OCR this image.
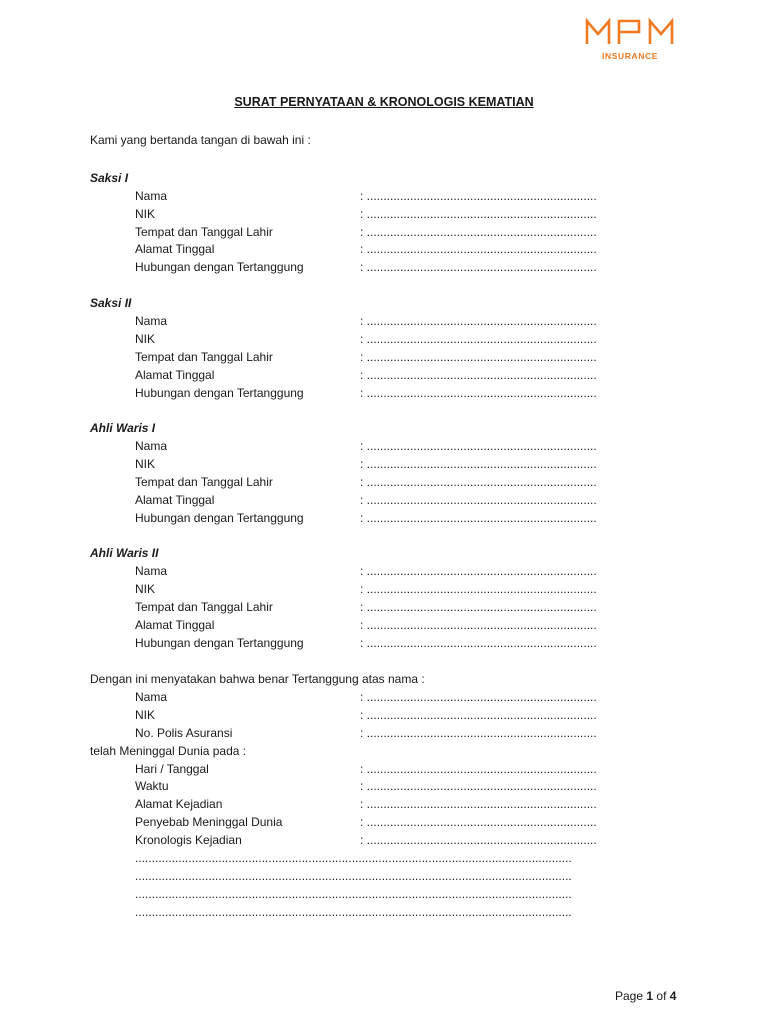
INSURANCE
SURAT PERNYATAAN & KRONOLOGIS KEMATIAN
Kami yang bertanda tangan di bawah ini :
Saksi I
Nama	: .....................................................................
NIK	: .....................................................................
Tempat dan Tanggal Lahir	: .....................................................................
Alamat Tinggal	: .....................................................................
Hubungan dengan Tertanggung	: .....................................................................
Saksi II
Nama	: .....................................................................
NIK	: .....................................................................
Tempat dan Tanggal Lahir	: .....................................................................
Alamat Tinggal	: .....................................................................
Hubungan dengan Tertanggung	: .....................................................................
Ahli Waris I
Nama	: .....................................................................
NIK	: .....................................................................
Tempat dan Tanggal Lahir	: .....................................................................
Alamat Tinggal	: .....................................................................
Hubungan dengan Tertanggung	: .....................................................................
Ahli Waris II
Nama	: .....................................................................
NIK	: .....................................................................
Tempat dan Tanggal Lahir	: .....................................................................
Alamat Tinggal	: .....................................................................
Hubungan dengan Tertanggung	: .....................................................................
Dengan ini menyatakan bahwa benar Tertanggung atas nama :
Nama	: .....................................................................
NIK	: .....................................................................
No. Polis Asuransi	: .....................................................................
telah Meninggal Dunia pada :
Hari / Tanggal	: .....................................................................
Waktu	: .....................................................................
Alamat Kejadian	: .....................................................................
Penyebab Meninggal Dunia	: .....................................................................
Kronologis Kejadian	: .....................................................................
...................................................................................................................................
...................................................................................................................................
...................................................................................................................................
...................................................................................................................................
Page 1 of 4
